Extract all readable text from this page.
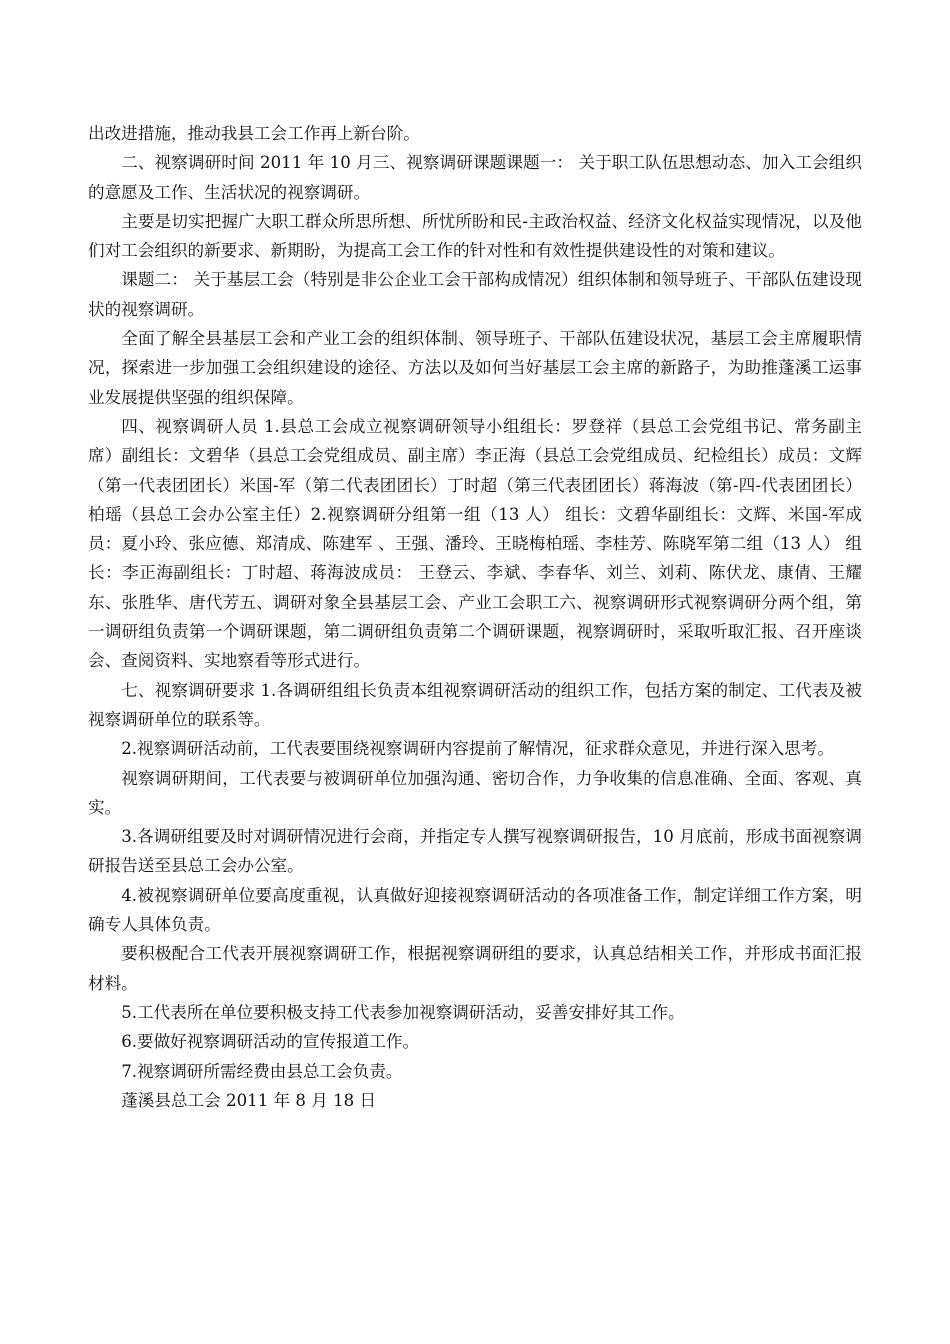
出改进措施，推动我县工会工作再上新台阶。

二、视察调研时间 2011 年 10 月三、视察调研课题课题一： 关于职工队伍思想动态、加入工会组织的意愿及工作、生活状况的视察调研。

主要是切实把握广大职工群众所思所想、所忧所盼和民-主政治权益、经济文化权益实现情况，以及他们对工会组织的新要求、新期盼，为提高工会工作的针对性和有效性提供建设性的对策和建议。

课题二： 关于基层工会（特别是非公企业工会干部构成情况）组织体制和领导班子、干部队伍建设现状的视察调研。

全面了解全县基层工会和产业工会的组织体制、领导班子、干部队伍建设状况，基层工会主席履职情况，探索进一步加强工会组织建设的途径、方法以及如何当好基层工会主席的新路子，为助推蓬溪工运事业发展提供坚强的组织保障。

四、视察调研人员 1.县总工会成立视察调研领导小组组长：罗登祥（县总工会党组书记、常务副主席）副组长：文碧华（县总工会党组成员、副主席）李正海（县总工会党组成员、纪检组长）成员：文辉（第一代表团团长）米国-军（第二代表团团长）丁时超（第三代表团团长）蒋海波（第-四-代表团团长）柏瑶（县总工会办公室主任）2.视察调研分组第一组（13 人） 组长：文碧华副组长：文辉、米国-军成员：夏小玲、张应德、郑清成、陈建军 、王强、潘玲、王晓梅柏瑶、李桂芳、陈晓军第二组（13 人） 组长：李正海副组长：丁时超、蒋海波成员： 王登云、李斌、李春华、刘兰、刘莉、陈伏龙、康倩、王耀东、张胜华、唐代芳五、调研对象全县基层工会、产业工会职工六、视察调研形式视察调研分两个组，第一调研组负责第一个调研课题，第二调研组负责第二个调研课题，视察调研时，采取听取汇报、召开座谈会、查阅资料、实地察看等形式进行。

七、视察调研要求 1.各调研组组长负责本组视察调研活动的组织工作，包括方案的制定、工代表及被视察调研单位的联系等。

2.视察调研活动前，工代表要围绕视察调研内容提前了解情况，征求群众意见，并进行深入思考。

视察调研期间，工代表要与被调研单位加强沟通、密切合作，力争收集的信息准确、全面、客观、真实。

3.各调研组要及时对调研情况进行会商，并指定专人撰写视察调研报告，10 月底前，形成书面视察调研报告送至县总工会办公室。

4.被视察调研单位要高度重视，认真做好迎接视察调研活动的各项准备工作，制定详细工作方案，明确专人具体负责。

要积极配合工代表开展视察调研工作，根据视察调研组的要求，认真总结相关工作，并形成书面汇报材料。

5.工代表所在单位要积极支持工代表参加视察调研活动，妥善安排好其工作。

6.要做好视察调研活动的宣传报道工作。

7.视察调研所需经费由县总工会负责。

蓬溪县总工会 2011 年 8 月 18 日
